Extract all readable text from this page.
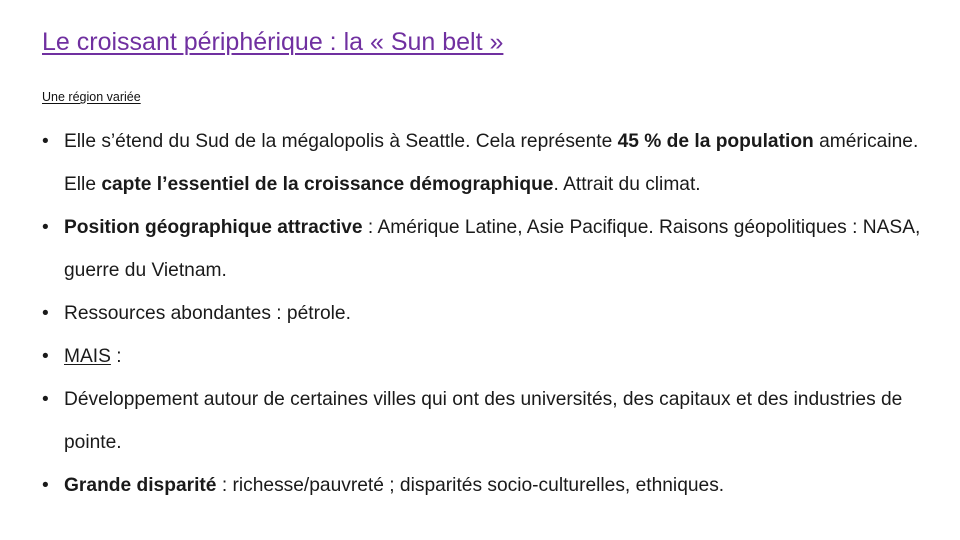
Le croissant périphérique : la « Sun belt »
Une région variée
• Elle s’étend du Sud de la mégalopolis à Seattle. Cela représente 45 % de la population américaine. Elle capte l’essentiel de la croissance démographique. Attrait du climat.
• Position géographique attractive : Amérique Latine, Asie Pacifique. Raisons géopolitiques : NASA, guerre du Vietnam.
• Ressources abondantes : pétrole.
• MAIS :
• Développement autour de certaines villes qui ont des universités, des capitaux et des industries de pointe.
• Grande disparité : richesse/pauvreté ; disparités socio-culturelles, ethniques.
